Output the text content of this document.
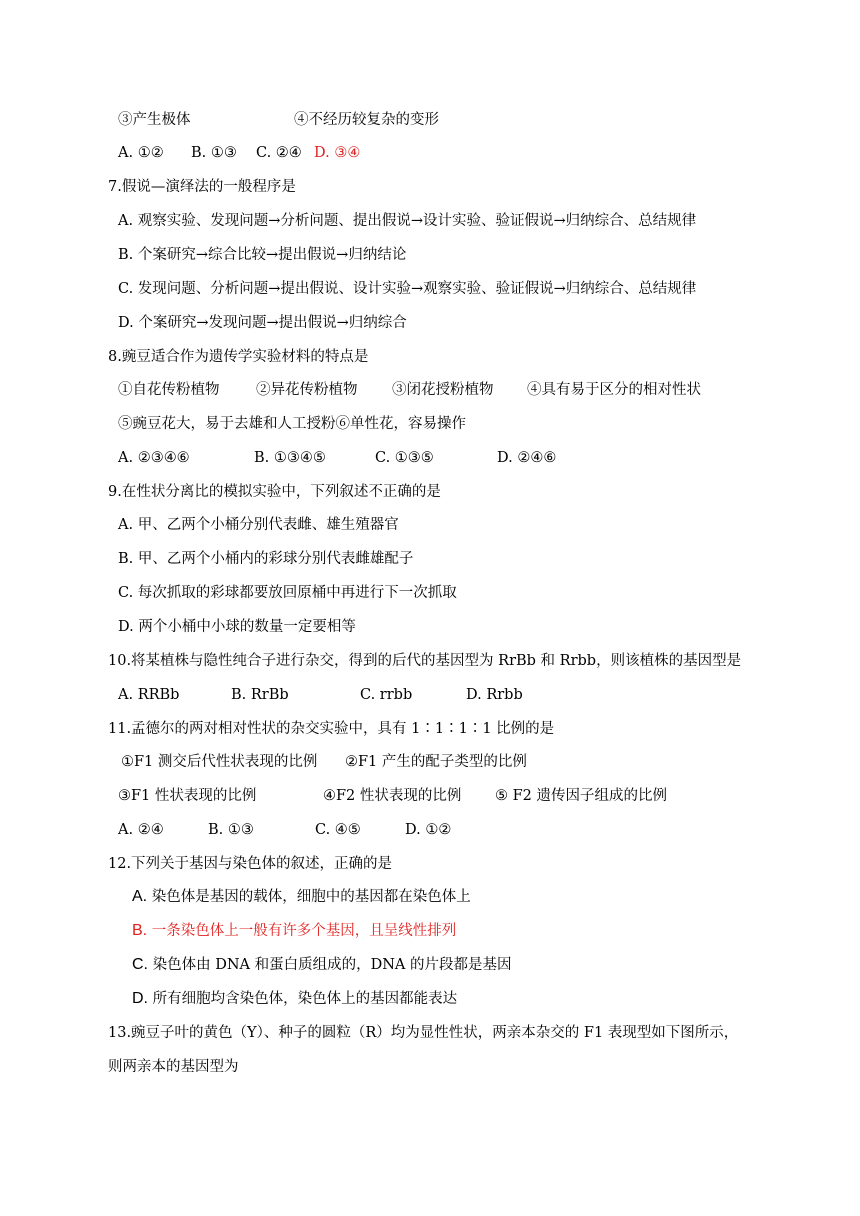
③产生极体	④不经历较复杂的变形
A. ①② B. ①③ C. ②④ D. ③④
7.假说—演绎法的一般程序是
A. 观察实验、发现问题→分析问题、提出假说→设计实验、验证假说→归纳综合、总结规律
B. 个案研究→综合比较→提出假说→归纳结论
C. 发现问题、分析问题→提出假说、设计实验→观察实验、验证假说→归纳综合、总结规律
D. 个案研究→发现问题→提出假说→归纳综合
8.豌豆适合作为遗传学实验材料的特点是
①自花传粉植物	②异花传粉植物 ③闭花授粉植物 ④具有易于区分的相对性状
⑤豌豆花大，易于去雄和人工授粉⑥单性花，容易操作
A. ②③④⑥	B. ①③④⑤	C. ①③⑤	D. ②④⑥
9.在性状分离比的模拟实验中，下列叙述不正确的是
A. 甲、乙两个小桶分别代表雌、雄生殖器官
B. 甲、乙两个小桶内的彩球分别代表雌雄配子
C. 每次抓取的彩球都要放回原桶中再进行下一次抓取
D. 两个小桶中小球的数量一定要相等
10.将某植株与隐性纯合子进行杂交，得到的后代的基因型为 RrBb 和 Rrbb，则该植株的基因型是
A. RRBb	B. RrBb	C. rrbb	D. Rrbb
11.孟德尔的两对相对性状的杂交实验中，具有 1∶1∶1∶1 比例的是
①F1 测交后代性状表现的比例 ②F1 产生的配子类型的比例
③F1 性状表现的比例	④F2 性状表现的比例 ⑤ F2 遗传因子组成的比例
A. ②④	B. ①③	C. ④⑤	D. ①②
12.下列关于基因与染色体的叙述，正确的是
A. 染色体是基因的载体，细胞中的基因都在染色体上
B. 一条染色体上一般有许多个基因，且呈线性排列
C. 染色体由 DNA 和蛋白质组成的，DNA 的片段都是基因
D. 所有细胞均含染色体，染色体上的基因都能表达
13.豌豆子叶的黄色（Y）、种子的圆粒（R）均为显性性状，两亲本杂交的 F1 表现型如下图所示，
则两亲本的基因型为
